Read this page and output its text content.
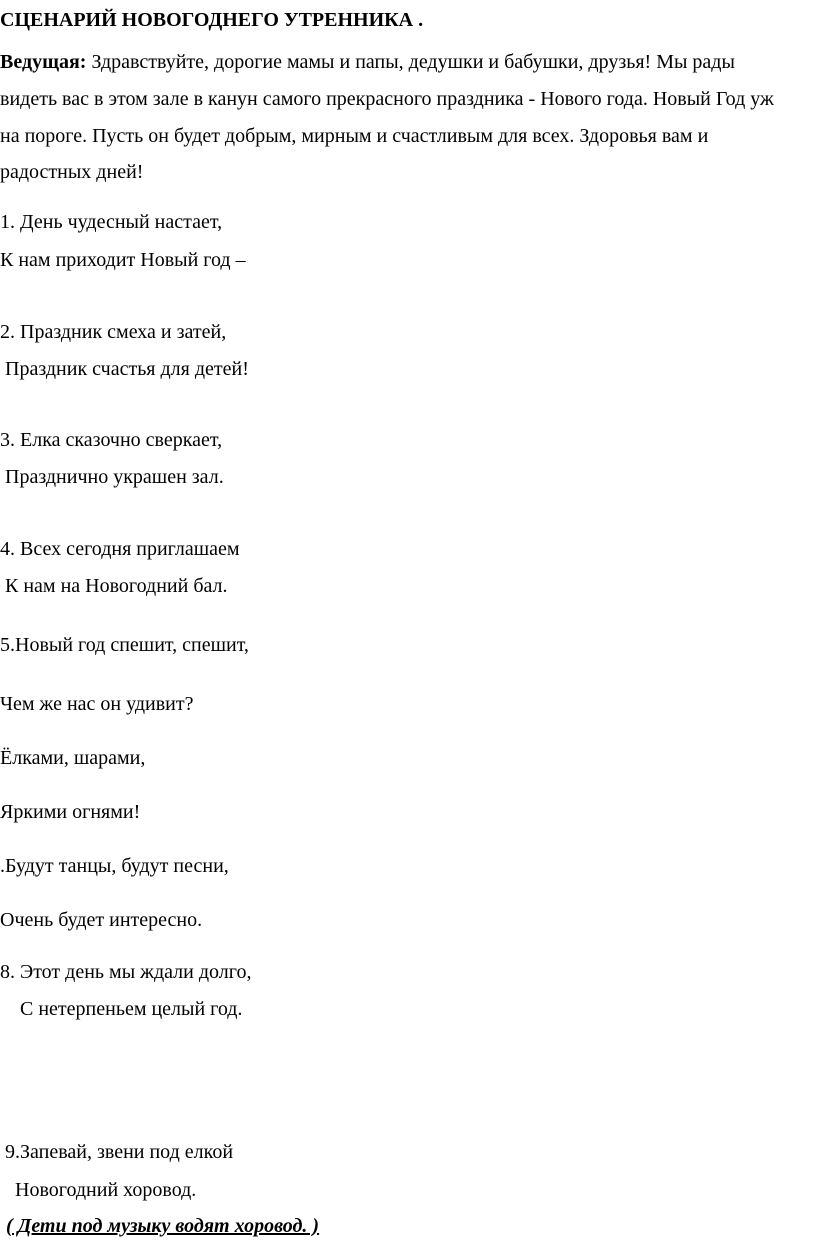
СЦЕНАРИЙ НОВОГОДНЕГО УТРЕННИКА .
Ведущая: Здравствуйте, дорогие мамы и папы, дедушки и бабушки, друзья! Мы рады
видеть вас в этом зале в канун самого прекрасного праздника - Нового года. Новый Год уж
на пороге. Пусть он будет добрым, мирным и счастливым для всех. Здоровья вам и
радостных дней!
1. День чудесный настает,
К нам приходит Новый год –
2. Праздник смеха и затей,
Праздник счастья для детей!
3. Елка сказочно сверкает,
Празднично украшен зал.
4. Всех сегодня приглашаем
К нам на Новогодний бал.
5.Новый год спешит, спешит,
Чем же нас он удивит?
Ёлками, шарами,
Яркими огнями!
.Будут танцы, будут песни,
Очень будет интересно.
8. Этот день мы ждали долго,
С нетерпеньем целый год.
9.Запевай, звени под елкой
Новогодний хоровод.
( Дети под музыку водят хоровод. )
